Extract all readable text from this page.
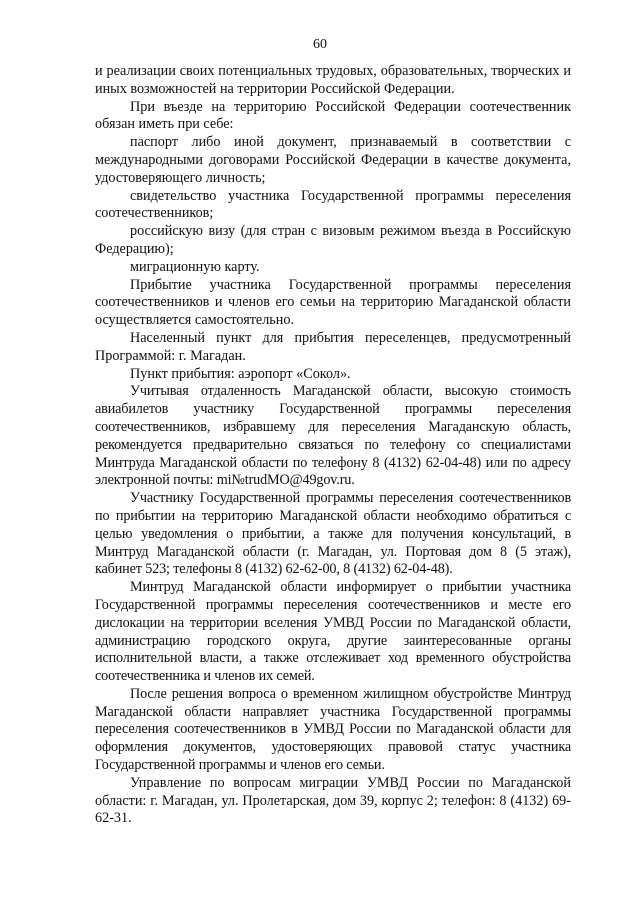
60

и реализации своих потенциальных трудовых, образовательных, творческих и иных возможностей на территории Российской Федерации.

При въезде на территорию Российской Федерации соотечественник обязан иметь при себе:

паспорт либо иной документ, признаваемый в соответствии с международными договорами Российской Федерации в качестве документа, удостоверяющего личность;

свидетельство участника Государственной программы переселения соотечественников;

российскую визу (для стран с визовым режимом въезда в Российскую Федерацию);

миграционную карту.

Прибытие участника Государственной программы переселения соотечественников и членов его семьи на территорию Магаданской области осуществляется самостоятельно.

Населенный пункт для прибытия переселенцев, предусмотренный Программой: г. Магадан.

Пункт прибытия: аэропорт «Сокол».

Учитывая отдаленность Магаданской области, высокую стоимость авиабилетов участнику Государственной программы переселения соотечественников, избравшему для переселения Магаданскую область, рекомендуется предварительно связаться по телефону со специалистами Минтруда Магаданской области по телефону 8 (4132) 62-04-48) или по адресу электронной почты: mi№trudMO@49gov.ru.

Участнику Государственной программы переселения соотечественников по прибытии на территорию Магаданской области необходимо обратиться с целью уведомления о прибытии, а также для получения консультаций, в Минтруд Магаданской области (г. Магадан, ул. Портовая дом 8 (5 этаж), кабинет 523; телефоны 8 (4132) 62-62-00, 8 (4132) 62-04-48).

Минтруд Магаданской области информирует о прибытии участника Государственной программы переселения соотечественников и месте его дислокации на территории вселения УМВД России по Магаданской области, администрацию городского округа, другие заинтересованные органы исполнительной власти, а также отслеживает ход временного обустройства соотечественника и членов их семей.

После решения вопроса о временном жилищном обустройстве Минтруд Магаданской области направляет участника Государственной программы переселения соотечественников в УМВД России по Магаданской области для оформления документов, удостоверяющих правовой статус участника Государственной программы и членов его семьи.

Управление по вопросам миграции УМВД России по Магаданской области: г. Магадан, ул. Пролетарская, дом 39, корпус 2; телефон: 8 (4132) 69-62-31.
